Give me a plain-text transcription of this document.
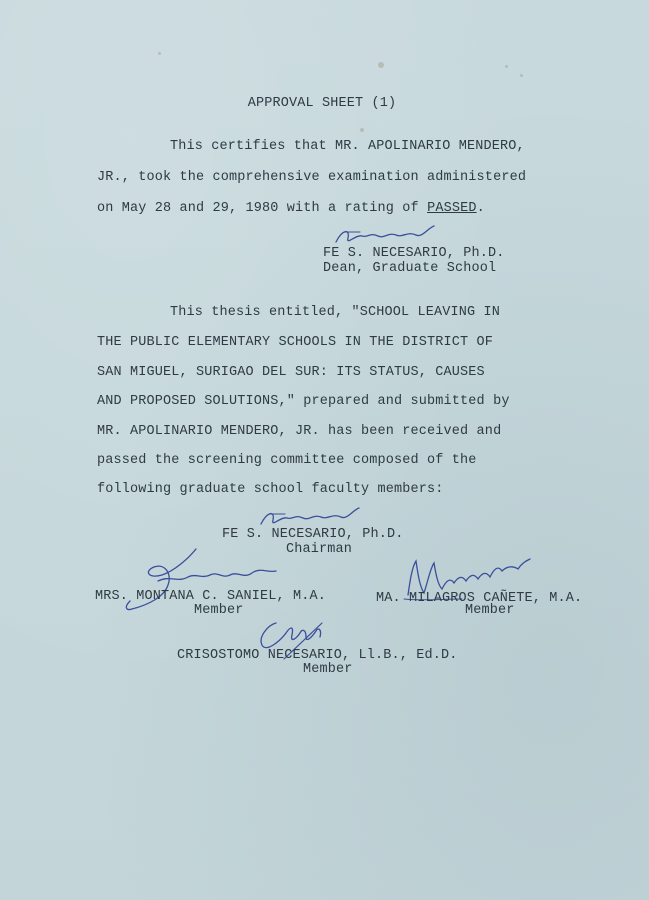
APPROVAL SHEET (1)
This certifies that MR. APOLINARIO MENDERO,
JR., took the comprehensive examination administered
on May 28 and 29, 1980 with a rating of PASSED.
FE S. NECESARIO, Ph.D.
Dean, Graduate School
This thesis entitled, "SCHOOL LEAVING IN
THE PUBLIC ELEMENTARY SCHOOLS IN THE DISTRICT OF
SAN MIGUEL, SURIGAO DEL SUR: ITS STATUS, CAUSES
AND PROPOSED SOLUTIONS," prepared and submitted by
MR. APOLINARIO MENDERO, JR. has been received and
passed the screening committee composed of the
following graduate school faculty members:
FE S. NECESARIO, Ph.D.
Chairman
MRS. MONTANA C. SANIEL, M.A.
Member
MA. MILAGROS CAÑETE, M.A.
Member
CRISOSTOMO NECESARIO, Ll.B., Ed.D.
Member
